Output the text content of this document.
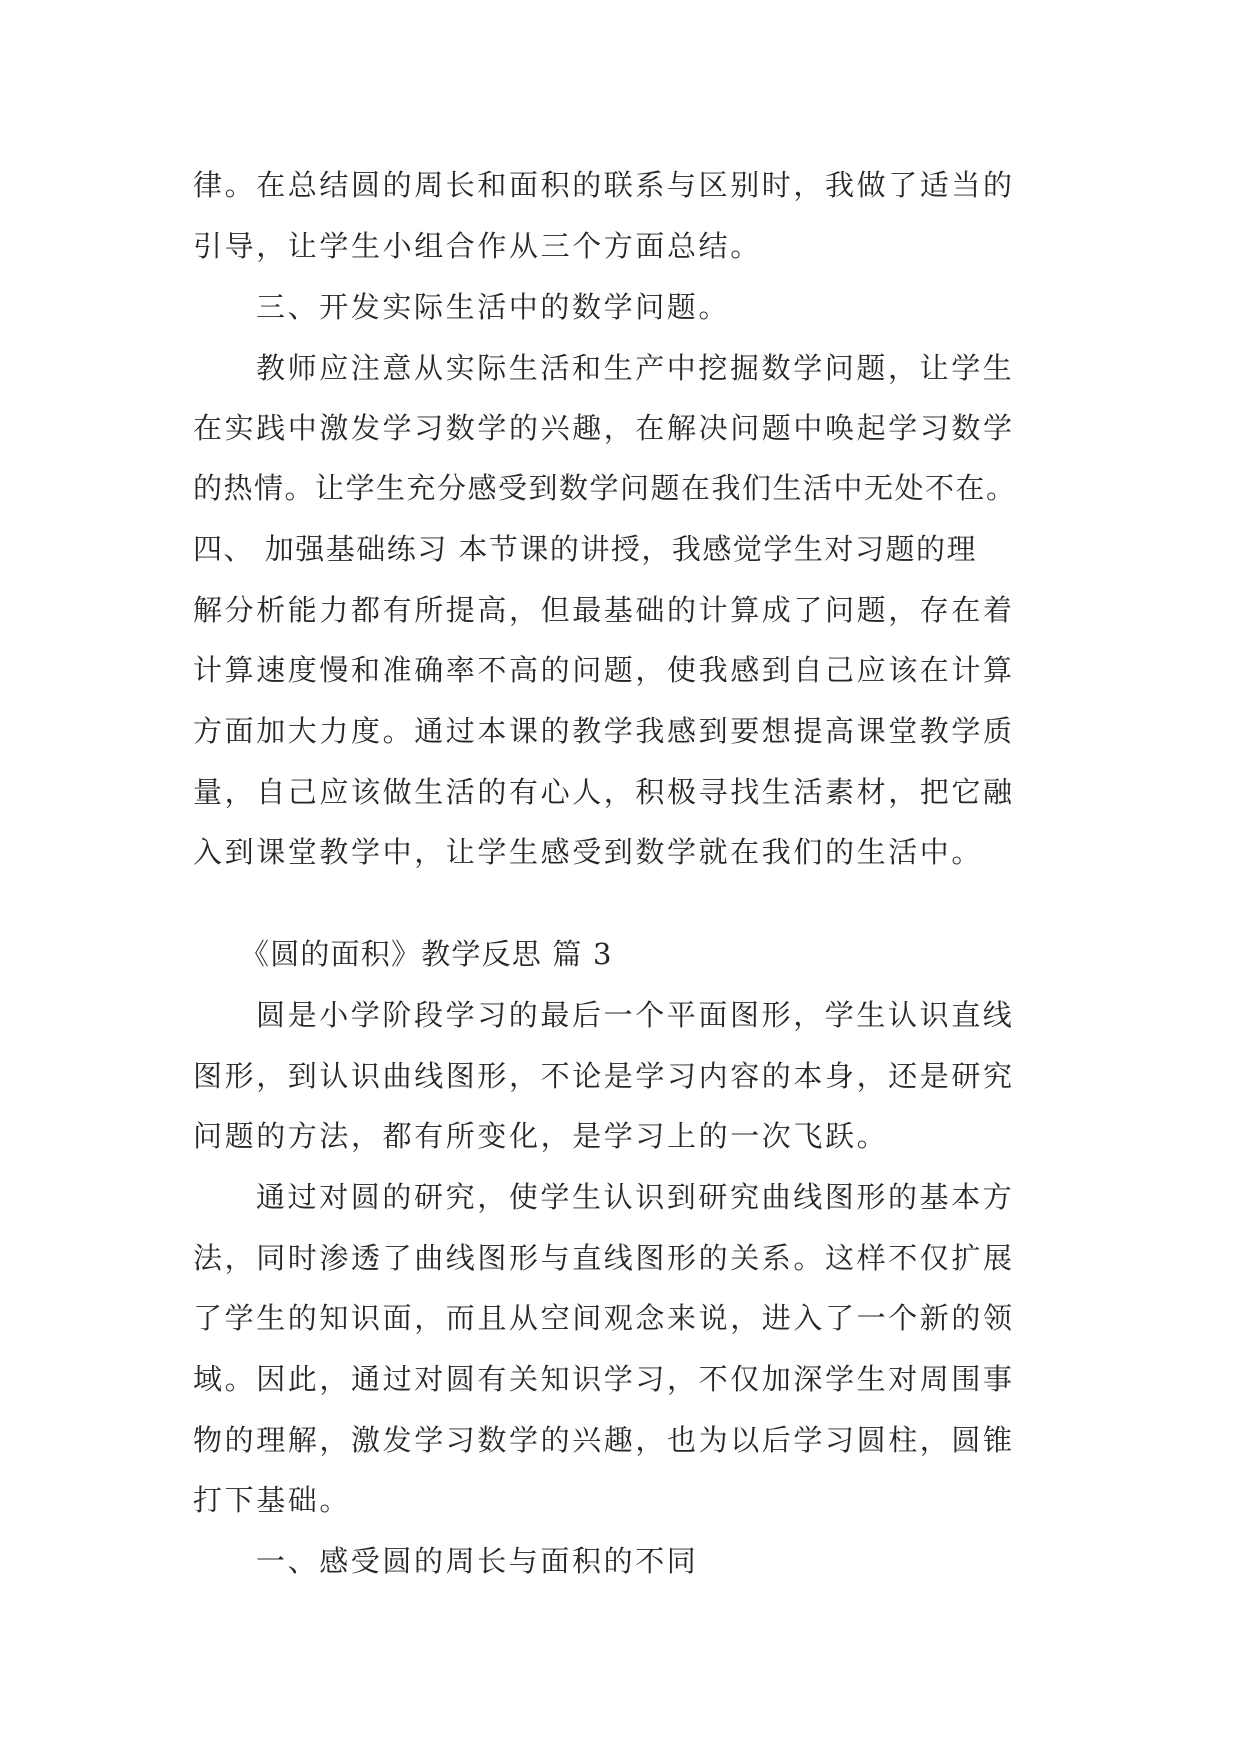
律。在总结圆的周长和面积的联系与区别时，我做了适当的
引导，让学生小组合作从三个方面总结。
三、开发实际生活中的数学问题。
教师应注意从实际生活和生产中挖掘数学问题，让学生
在实践中激发学习数学的兴趣，在解决问题中唤起学习数学
的热情。让学生充分感受到数学问题在我们生活中无处不在。
四、 加强基础练习 本节课的讲授，我感觉学生对习题的理
解分析能力都有所提高，但最基础的计算成了问题，存在着
计算速度慢和准确率不高的问题，使我感到自己应该在计算
方面加大力度。通过本课的教学我感到要想提高课堂教学质
量，自己应该做生活的有心人，积极寻找生活素材，把它融
入到课堂教学中，让学生感受到数学就在我们的生活中。
《圆的面积》教学反思 篇 3
圆是小学阶段学习的最后一个平面图形，学生认识直线
图形，到认识曲线图形，不论是学习内容的本身，还是研究
问题的方法，都有所变化，是学习上的一次飞跃。
通过对圆的研究，使学生认识到研究曲线图形的基本方
法，同时渗透了曲线图形与直线图形的关系。这样不仅扩展
了学生的知识面，而且从空间观念来说，进入了一个新的领
域。因此，通过对圆有关知识学习，不仅加深学生对周围事
物的理解，激发学习数学的兴趣，也为以后学习圆柱，圆锥
打下基础。
一、感受圆的周长与面积的不同
